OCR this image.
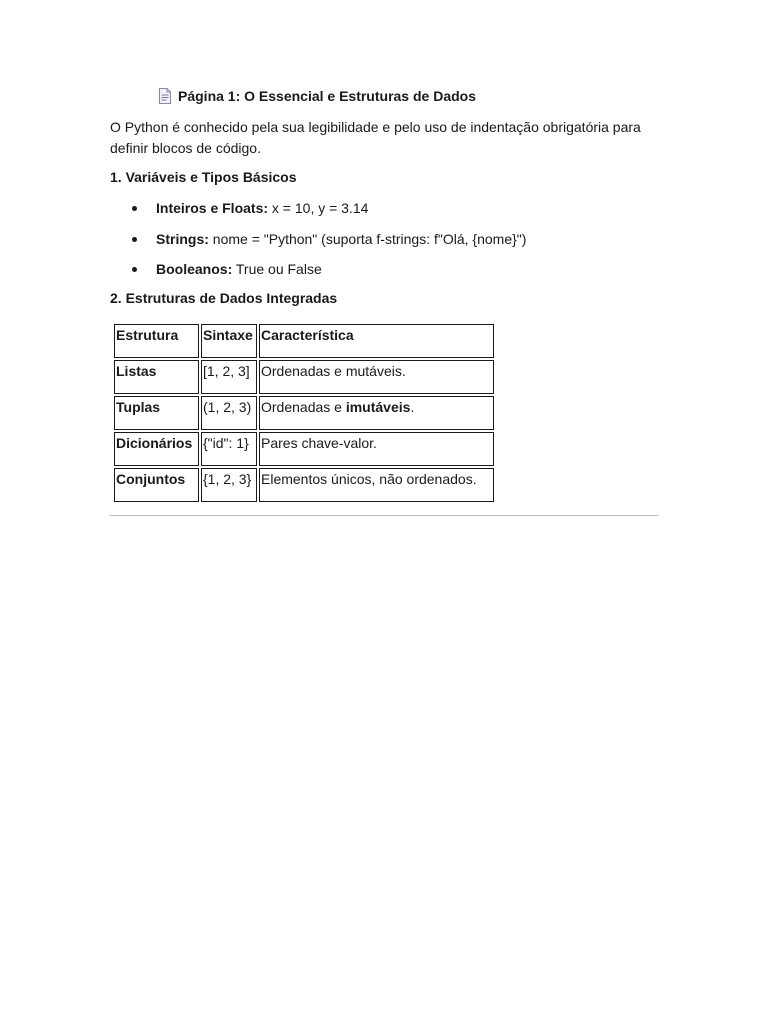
Página 1: O Essencial e Estruturas de Dados
O Python é conhecido pela sua legibilidade e pelo uso de indentação obrigatória para definir blocos de código.
1. Variáveis e Tipos Básicos
Inteiros e Floats: x = 10, y = 3.14
Strings: nome = "Python" (suporta f-strings: f"Olá, {nome}")
Booleanos: True ou False
2. Estruturas de Dados Integradas
Estrutura	Sintaxe	Característica
Listas	[1, 2, 3]	Ordenadas e mutáveis.
Tuplas	(1, 2, 3)	Ordenadas e imutáveis.
Dicionários	{"id": 1}	Pares chave-valor.
Conjuntos	{1, 2, 3}	Elementos únicos, não ordenados.
